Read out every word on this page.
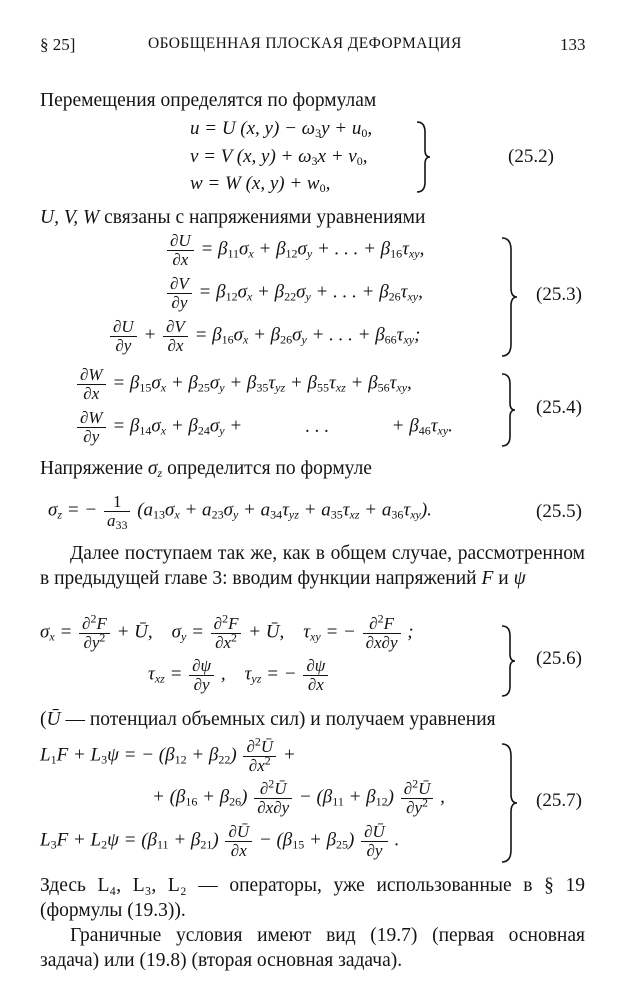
§ 25]	ОБОБЩЕННАЯ ПЛОСКАЯ ДЕФОРМАЦИЯ	133
Перемещения определятся по формулам
u = U (x, $y) - \omega_3y + u_0$,
v = V (x, $y) + \omega_3x + v_0$,
w = W (x, $y) + w_0$,
(25.2)
U, V, W связаны с напряжениями уравнениями
$\frac{\partial U}{\partial x} = \beta_{11}\sigma_x + \beta_{12}\sigma_y$ + . . . + $\beta_{16}\tau_{xy}$,
$\frac{\partial V}{\partial y} = \beta_{12}\sigma_x + \beta_{22}\sigma_y$ + . . . + $\beta_{26}\tau_{xy}$,
$\frac{\partial U}{\partial y} + \frac{\partial V}{\partial x} = \beta_{16}\sigma_x + \beta_{26}\sigma_y$ + . . . + $\beta_{66}\tau_{xy}$;
(25.3)
$\frac{\partial W}{\partial x} = \beta_{15}\sigma_x + \beta_{25}\sigma_y + \beta_{35}\tau_{yz} + \beta_{55}\tau_{xz} + \beta_{56}\tau_{xy}$,
$\frac{\partial W}{\partial y} = \beta_{14}\sigma_x + \beta_{24}\sigma_y$ +	. . .	+ $\beta_{46}\tau_{xy}$.
(25.4)
Напряжение $\sigma_z$ определится по формуле
$\sigma_z$ = − $\frac{1}{a_{33}} (a_{13}\sigma_x + a_{23}\sigma_y + a_{34}\tau_{yz} + a_{35}\tau_{xz} + a_{36}\tau_{xy})$.	(25.5)
Далее поступаем так же, как в общем случае, рассмотренном в предыдущей главе 3: вводим функции напряжений F и ψ
$\sigma_x = \frac{\partial^2F}{\partial y^2}$ + Ū,    $\sigma_y = \frac{\partial^2F}{\partial x^2}$ + Ū,    $\tau_{xy}$ = − $\frac{\partial^2F}{\partial x\partial y}$ ;
$\tau_{xz} = \frac{\partial\psi}{\partial y}$ ,    $\tau_{yz}$ = − $\frac{\partial\psi}{\partial x}$	(25.6)
(Ū — потенциал объемных сил) и получаем уравнения
$L_1F + L_3\psi$ = − $(\beta_{12} + \beta_{22}) \frac{\partial^2Ū}{\partial x^2}$ +
+ $(\beta_{16} + \beta_{26}) \frac{\partial^2Ū}{\partial x\partial y} - (\beta_{11} + \beta_{12}) \frac{\partial^2Ū}{\partial y^2}$ ,
$L_3F + L_2\psi = (\beta_{11} + \beta_{21}) \frac{\partial Ū}{\partial x} - (\beta_{15} + \beta_{25}) \frac{\partial Ū}{\partial y}$ .
(25.7)
Здесь L₄, L₃, L₂ — операторы, уже использованные в § 19 (формулы (19.3)).
Граничные условия имеют вид (19.7) (первая основная задача) или (19.8) (вторая основная задача).
